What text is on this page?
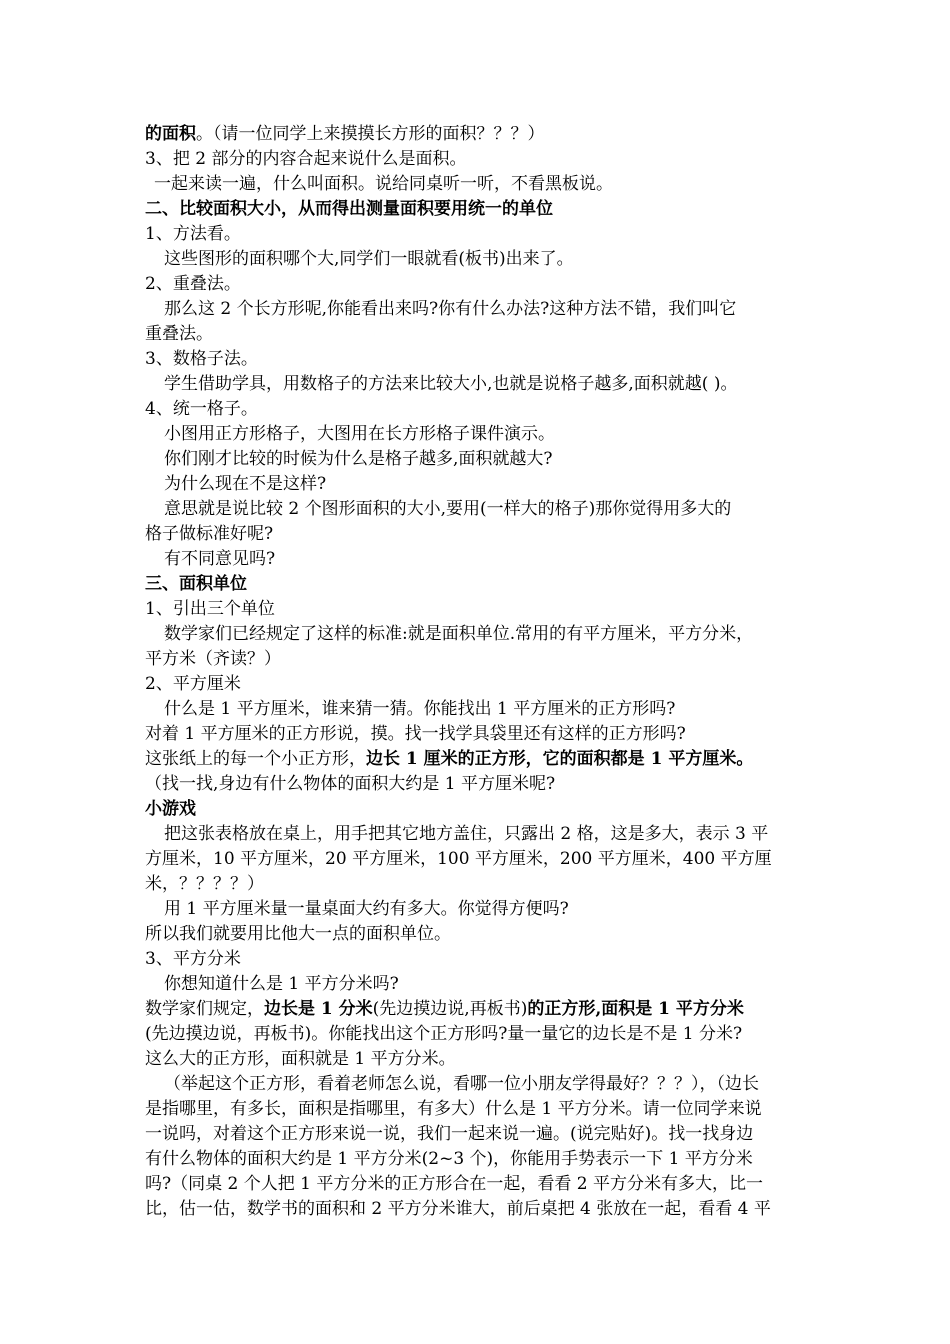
的面积。（请一位同学上来摸摸长方形的面积？？？）
3、把 2 部分的内容合起来说什么是面积。
一起来读一遍，什么叫面积。说给同桌听一听，不看黑板说。
二、比较面积大小，从而得出测量面积要用统一的单位
1、方法看。
这些图形的面积哪个大,同学们一眼就看(板书)出来了。
2、重叠法。
那么这 2 个长方形呢,你能看出来吗?你有什么办法?这种方法不错，我们叫它
重叠法。
3、数格子法。
学生借助学具，用数格子的方法来比较大小,也就是说格子越多,面积就越( )。
4、统一格子。
小图用正方形格子，大图用在长方形格子课件演示。
你们刚才比较的时候为什么是格子越多,面积就越大?
为什么现在不是这样?
意思就是说比较 2 个图形面积的大小,要用(一样大的格子)那你觉得用多大的
格子做标准好呢?
有不同意见吗?
三、面积单位
1、引出三个单位
数学家们已经规定了这样的标准:就是面积单位.常用的有平方厘米，平方分米，
平方米（齐读？）
2、平方厘米
什么是 1 平方厘米，谁来猜一猜。你能找出 1 平方厘米的正方形吗?
对着 1 平方厘米的正方形说，摸。找一找学具袋里还有这样的正方形吗?
这张纸上的每一个小正方形，边长 1 厘米的正方形，它的面积都是 1 平方厘米。
（找一找,身边有什么物体的面积大约是 1 平方厘米呢?
小游戏
把这张表格放在桌上，用手把其它地方盖住，只露出 2 格，这是多大，表示 3 平
方厘米，10 平方厘米，20 平方厘米，100 平方厘米，200 平方厘米，400 平方厘
米，？？？？）
用 1 平方厘米量一量桌面大约有多大。你觉得方便吗?
所以我们就要用比他大一点的面积单位。
3、平方分米
你想知道什么是 1 平方分米吗?
数学家们规定，边长是 1 分米(先边摸边说,再板书)的正方形,面积是 1 平方分米
(先边摸边说，再板书)。你能找出这个正方形吗?量一量它的边长是不是 1 分米?
这么大的正方形，面积就是 1 平方分米。
（举起这个正方形，看着老师怎么说，看哪一位小朋友学得最好？？？），（边长
是指哪里，有多长，面积是指哪里，有多大）什么是 1 平方分米。请一位同学来说
一说吗，对着这个正方形来说一说，我们一起来说一遍。(说完贴好)。找一找身边
有什么物体的面积大约是 1 平方分米(2~3 个)，你能用手势表示一下 1 平方分米
吗?（同桌 2 个人把 1 平方分米的正方形合在一起，看看 2 平方分米有多大，比一
比，估一估，数学书的面积和 2 平方分米谁大，前后桌把 4 张放在一起，看看 4 平
